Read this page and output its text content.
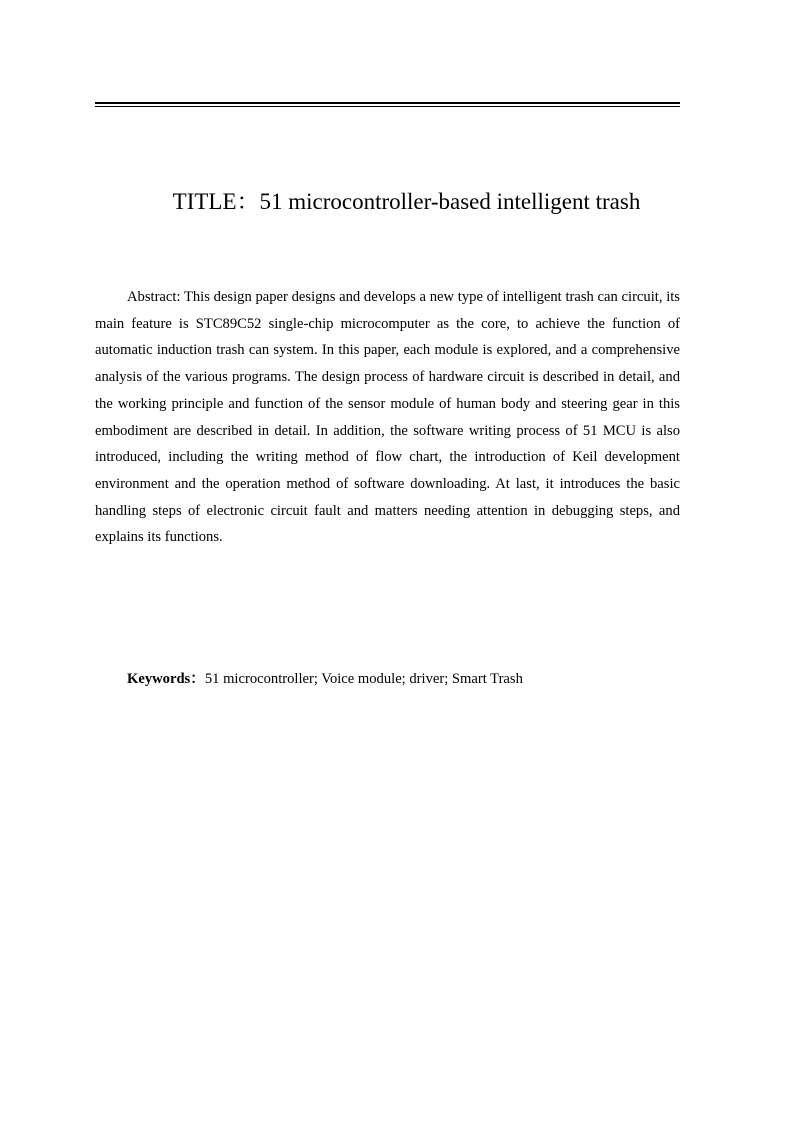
TITLE：51 microcontroller-based intelligent trash

Abstract: This design paper designs and develops a new type of intelligent trash can circuit, its main feature is STC89C52 single-chip microcomputer as the core, to achieve the function of automatic induction trash can system. In this paper, each module is explored, and a comprehensive analysis of the various programs. The design process of hardware circuit is described in detail, and the working principle and function of the sensor module of human body and steering gear in this embodiment are described in detail. In addition, the software writing process of 51 MCU is also introduced, including the writing method of flow chart, the introduction of Keil development environment and the operation method of software downloading. At last, it introduces the basic handling steps of electronic circuit fault and matters needing attention in debugging steps, and explains its functions.

Keywords：51 microcontroller; Voice module; driver; Smart Trash
